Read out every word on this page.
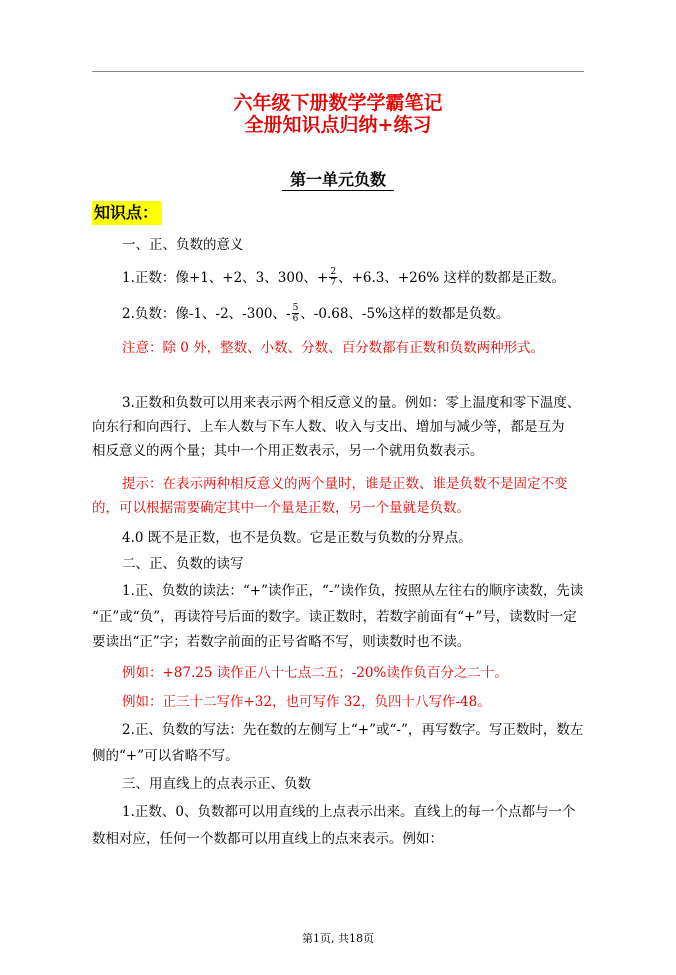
六年级下册数学学霸笔记
全册知识点归纳+练习
第一单元负数
知识点：
一、正、负数的意义
1.正数：像+1、+2、3、300、+ $\frac{2}{7}$ 、+6.3、+26% 这样的数都是正数。
2.负数：像-1、-2、-300、- $\frac{5}{6}$ 、-0.68、-5%这样的数都是负数。
注意：除 0 外，整数、小数、分数、百分数都有正数和负数两种形式。
3.正数和负数可以用来表示两个相反意义的量。例如：零上温度和零下温度、
向东行和向西行、上车人数与下车人数、收入与支出、增加与减少等，都是互为
相反意义的两个量；其中一个用正数表示，另一个就用负数表示。
提示：在表示两种相反意义的两个量时，谁是正数、谁是负数不是固定不变
的，可以根据需要确定其中一个量是正数，另一个量就是负数。
4.0 既不是正数，也不是负数。它是正数与负数的分界点。
二、正、负数的读写
1.正、负数的读法：“+”读作正，“-”读作负，按照从左往右的顺序读数，先读
“正”或“负”，再读符号后面的数字。读正数时，若数字前面有“+”号，读数时一定
要读出“正”字；若数字前面的正号省略不写，则读数时也不读。
例如：+87.25 读作正八十七点二五；-20%读作负百分之二十。
例如：正三十二写作+32，也可写作 32，负四十八写作-48。
2.正、负数的写法：先在数的左侧写上“+”或“-”，再写数字。写正数时，数左
侧的“+”可以省略不写。
三、用直线上的点表示正、负数
1.正数、0、负数都可以用直线的上点表示出来。直线上的每一个点都与一个
数相对应，任何一个数都可以用直线上的点来表示。例如：
第1页, 共18页
